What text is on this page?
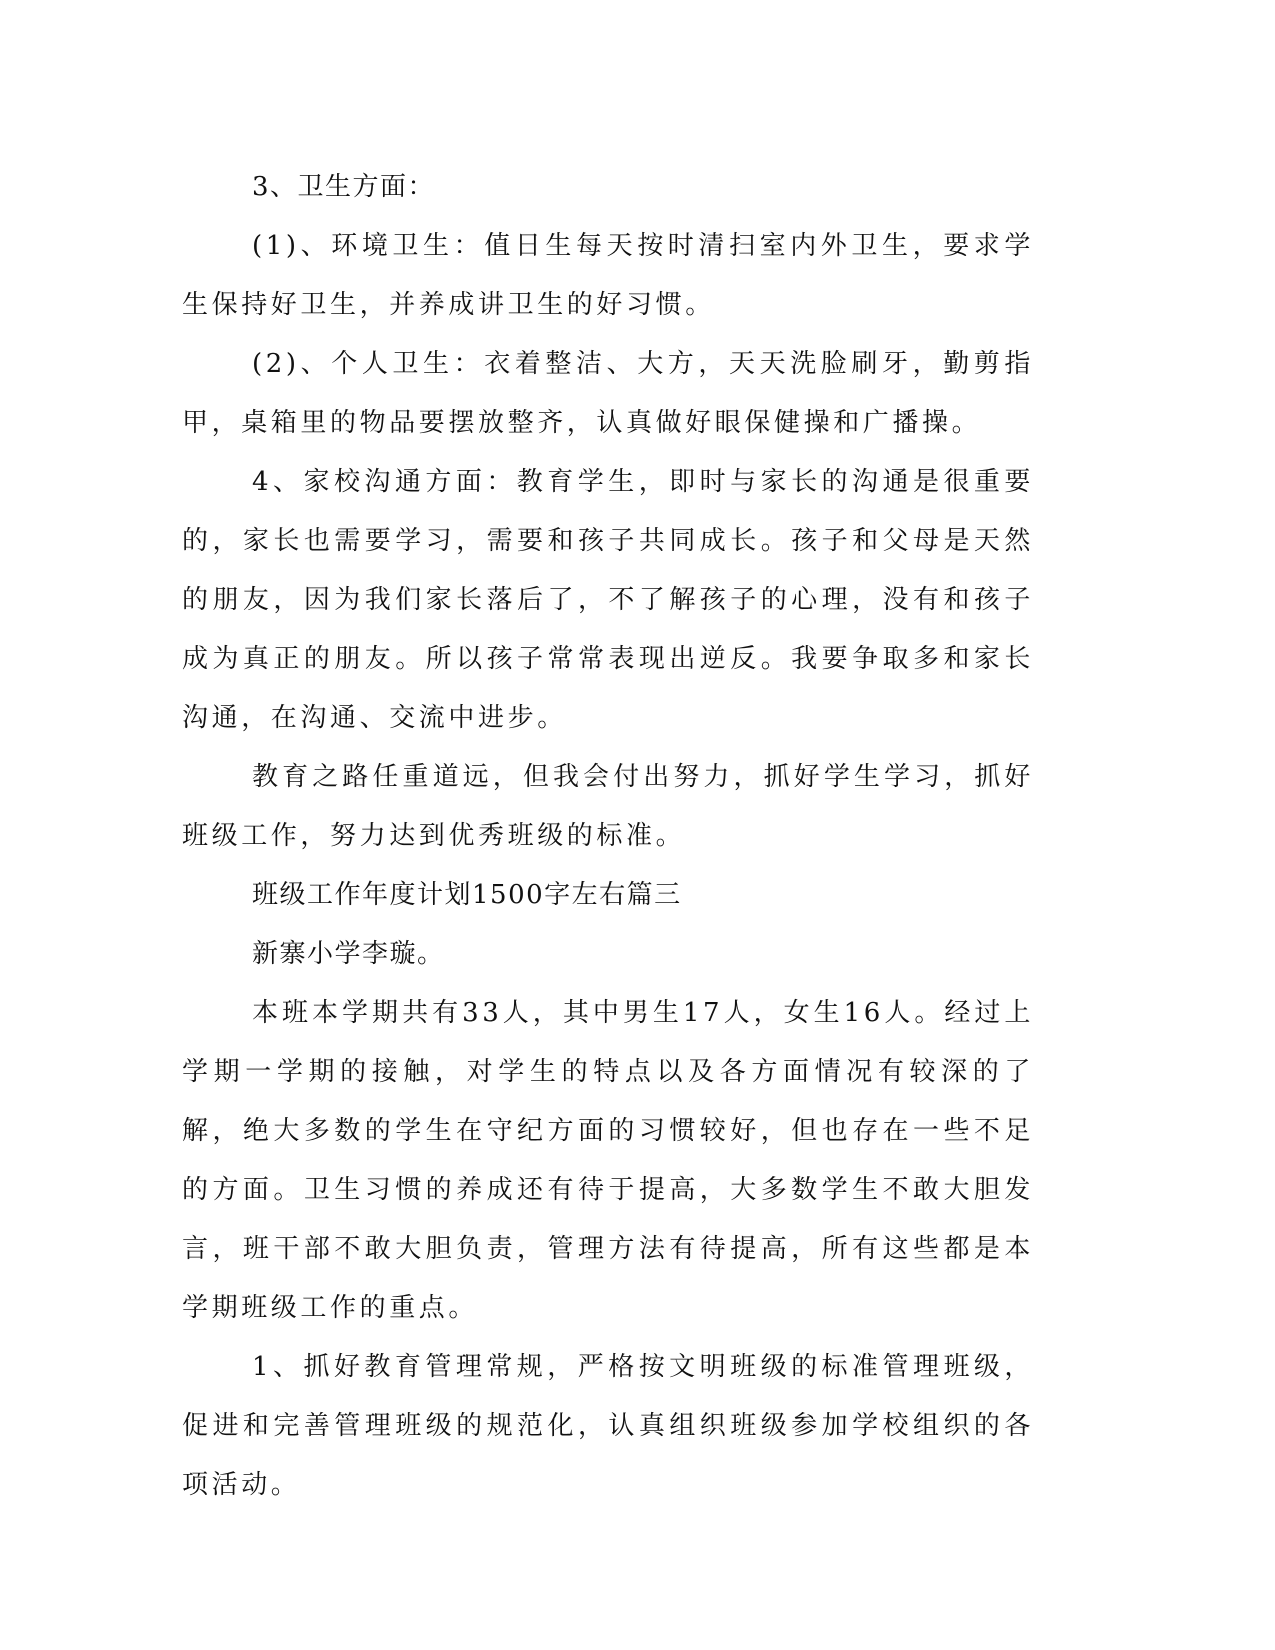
3、卫生方面：

(1)、环境卫生：值日生每天按时清扫室内外卫生，要求学生保持好卫生，并养成讲卫生的好习惯。

(2)、个人卫生：衣着整洁、大方，天天洗脸刷牙，勤剪指甲，桌箱里的物品要摆放整齐，认真做好眼保健操和广播操。

4、家校沟通方面：教育学生，即时与家长的沟通是很重要的，家长也需要学习，需要和孩子共同成长。孩子和父母是天然的朋友，因为我们家长落后了，不了解孩子的心理，没有和孩子成为真正的朋友。所以孩子常常表现出逆反。我要争取多和家长沟通，在沟通、交流中进步。

教育之路任重道远，但我会付出努力，抓好学生学习，抓好班级工作，努力达到优秀班级的标准。

班级工作年度计划1500字左右篇三

新寨小学李璇。

本班本学期共有33人，其中男生17人，女生16人。经过上学期一学期的接触，对学生的特点以及各方面情况有较深的了解，绝大多数的学生在守纪方面的习惯较好，但也存在一些不足的方面。卫生习惯的养成还有待于提高，大多数学生不敢大胆发言，班干部不敢大胆负责，管理方法有待提高，所有这些都是本学期班级工作的重点。

1、抓好教育管理常规，严格按文明班级的标准管理班级，促进和完善管理班级的规范化，认真组织班级参加学校组织的各项活动。
